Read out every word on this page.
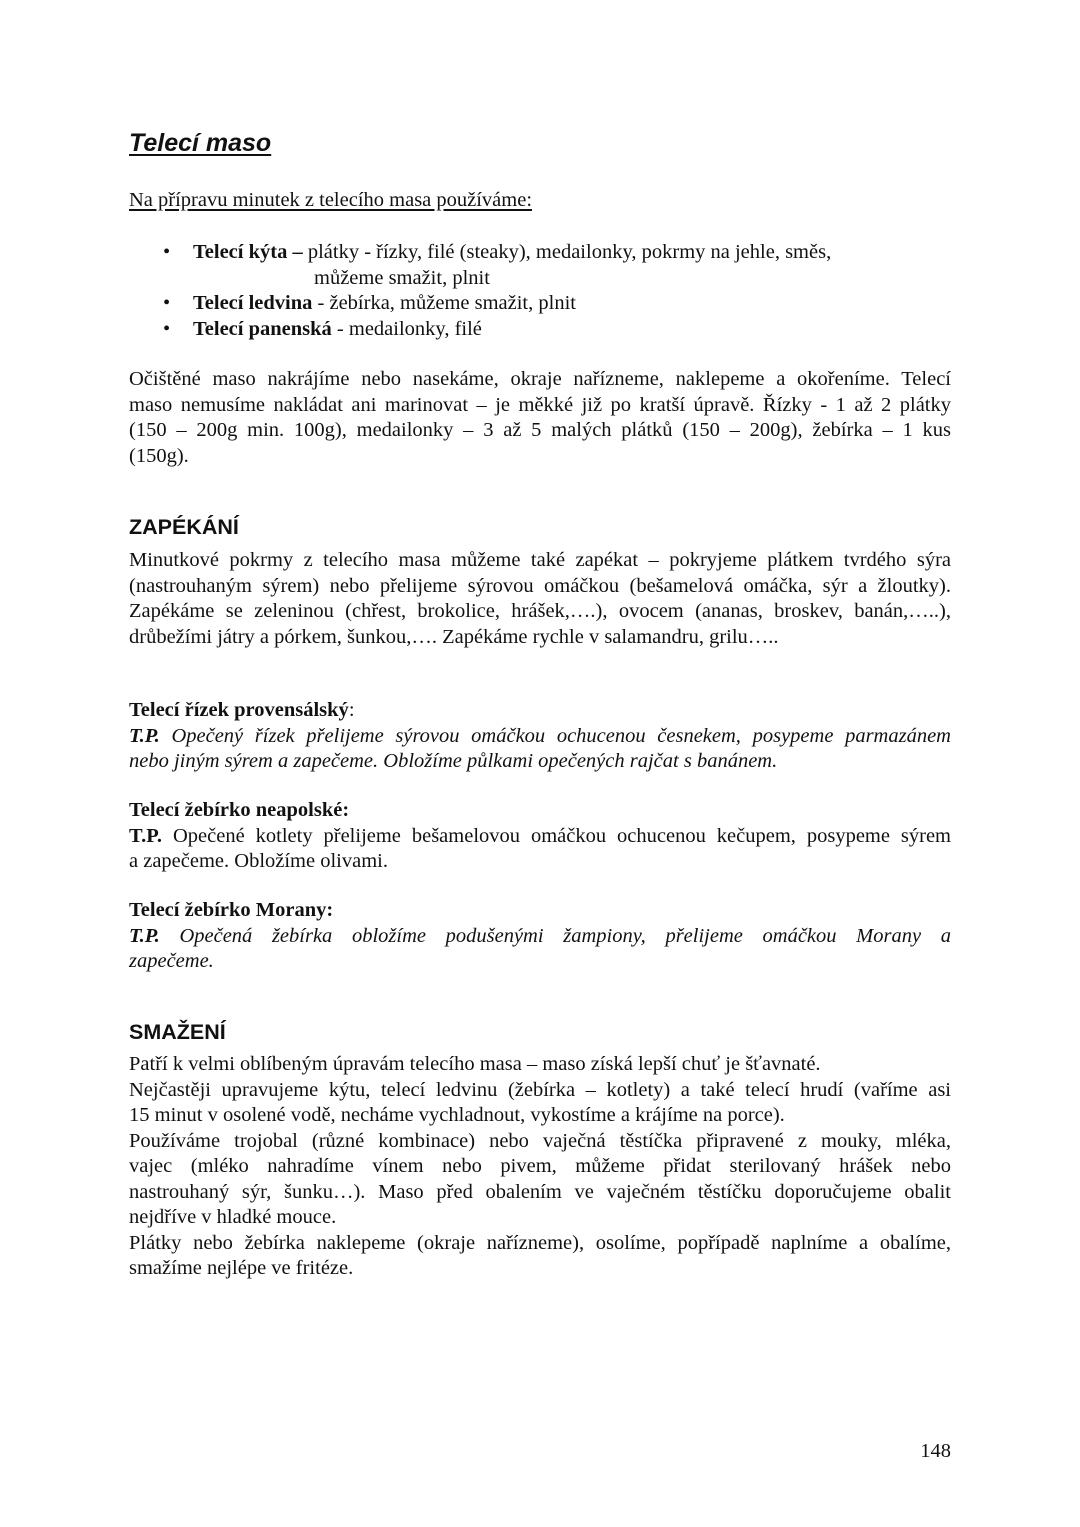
Telecí maso
Na přípravu minutek z telecího masa používáme:
• Telecí kýta – plátky - řízky, filé (steaky), medailonky, pokrmy na jehle, směs,
můžeme smažit, plnit
• Telecí ledvina - žebírka, můžeme smažit, plnit
• Telecí panenská - medailonky, filé
Očištěné maso nakrájíme nebo nasekáme, okraje nařízneme, naklepeme a okořeníme. Telecí
maso nemusíme nakládat ani marinovat – je měkké již po kratší úpravě. Řízky - 1 až 2 plátky
(150 – 200g min. 100g), medailonky – 3 až 5 malých plátků (150 – 200g), žebírka – 1 kus
(150g).
ZAPÉKÁNÍ
Minutkové pokrmy z telecího masa můžeme také zapékat – pokryjeme plátkem tvrdého sýra
(nastrouhaným sýrem) nebo přelijeme sýrovou omáčkou (bešamelová omáčka, sýr a žloutky).
Zapékáme se zeleninou (chřest, brokolice, hrášek,….), ovocem (ananas, broskev, banán,…..),
drůbežími játry a pórkem, šunkou,…. Zapékáme rychle v salamandru, grilu…..
Telecí řízek provensálský:
T.P. Opečený řízek přelijeme sýrovou omáčkou ochucenou česnekem, posypeme parmazánem
nebo jiným sýrem a zapečeme. Obložíme půlkami opečených rajčat s banánem.
Telecí žebírko neapolské:
T.P. Opečené kotlety přelijeme bešamelovou omáčkou ochucenou kečupem, posypeme sýrem
a zapečeme. Obložíme olivami.
Telecí žebírko Morany:
T.P. Opečená žebírka obložíme podušenými žampiony, přelijeme omáčkou Morany a
zapečeme.
SMAŽENÍ
Patří k velmi oblíbeným úpravám telecího masa – maso získá lepší chuť je šťavnaté.
Nejčastěji upravujeme kýtu, telecí ledvinu (žebírka – kotlety) a také telecí hrudí (vaříme asi
15 minut v osolené vodě, necháme vychladnout, vykostíme a krájíme na porce).
Používáme trojobal (různé kombinace) nebo vaječná těstíčka připravené z mouky, mléka,
vajec (mléko nahradíme vínem nebo pivem, můžeme přidat sterilovaný hrášek nebo
nastrouhaný sýr, šunku…). Maso před obalením ve vaječném těstíčku doporučujeme obalit
nejdříve v hladké mouce.
Plátky nebo žebírka naklepeme (okraje nařízneme), osolíme, popřípadě naplníme a obalíme,
smažíme nejlépe ve fritéze.
148
